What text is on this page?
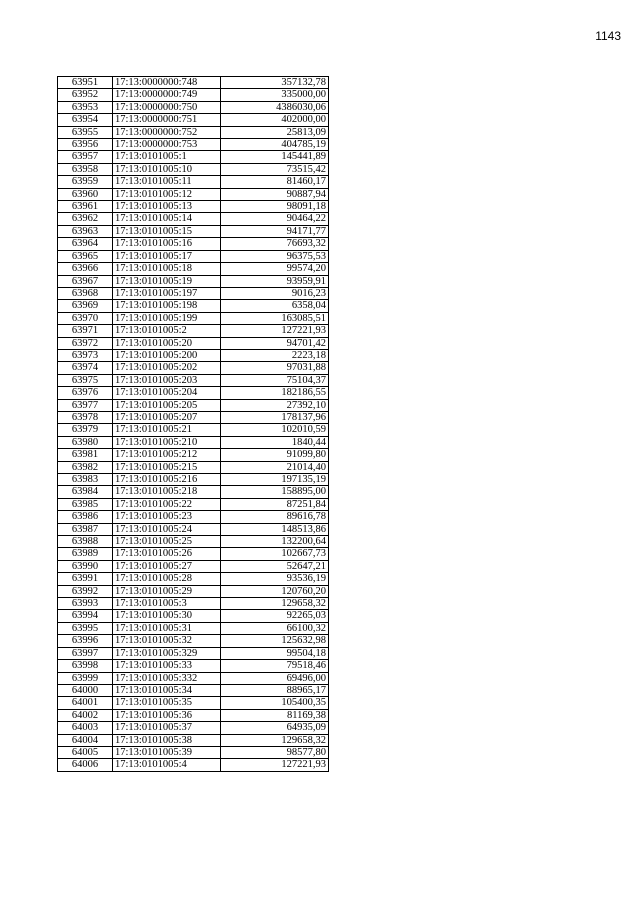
1143
63951	17:13:0000000:748	357132,78
63952	17:13:0000000:749	335000,00
63953	17:13:0000000:750	4386030,06
63954	17:13:0000000:751	402000,00
63955	17:13:0000000:752	25813,09
63956	17:13:0000000:753	404785,19
63957	17:13:0101005:1	145441,89
63958	17:13:0101005:10	73515,42
63959	17:13:0101005:11	81460,17
63960	17:13:0101005:12	90887,94
63961	17:13:0101005:13	98091,18
63962	17:13:0101005:14	90464,22
63963	17:13:0101005:15	94171,77
63964	17:13:0101005:16	76693,32
63965	17:13:0101005:17	96375,53
63966	17:13:0101005:18	99574,20
63967	17:13:0101005:19	93959,91
63968	17:13:0101005:197	9016,23
63969	17:13:0101005:198	6358,04
63970	17:13:0101005:199	163085,51
63971	17:13:0101005:2	127221,93
63972	17:13:0101005:20	94701,42
63973	17:13:0101005:200	2223,18
63974	17:13:0101005:202	97031,88
63975	17:13:0101005:203	75104,37
63976	17:13:0101005:204	182186,55
63977	17:13:0101005:205	27392,10
63978	17:13:0101005:207	178137,96
63979	17:13:0101005:21	102010,59
63980	17:13:0101005:210	1840,44
63981	17:13:0101005:212	91099,80
63982	17:13:0101005:215	21014,40
63983	17:13:0101005:216	197135,19
63984	17:13:0101005:218	158895,00
63985	17:13:0101005:22	87251,84
63986	17:13:0101005:23	89616,78
63987	17:13:0101005:24	148513,86
63988	17:13:0101005:25	132200,64
63989	17:13:0101005:26	102667,73
63990	17:13:0101005:27	52647,21
63991	17:13:0101005:28	93536,19
63992	17:13:0101005:29	120760,20
63993	17:13:0101005:3	129658,32
63994	17:13:0101005:30	92265,03
63995	17:13:0101005:31	66100,32
63996	17:13:0101005:32	125632,98
63997	17:13:0101005:329	99504,18
63998	17:13:0101005:33	79518,46
63999	17:13:0101005:332	69496,00
64000	17:13:0101005:34	88965,17
64001	17:13:0101005:35	105400,35
64002	17:13:0101005:36	81169,38
64003	17:13:0101005:37	64935,09
64004	17:13:0101005:38	129658,32
64005	17:13:0101005:39	98577,80
64006	17:13:0101005:4	127221,93
